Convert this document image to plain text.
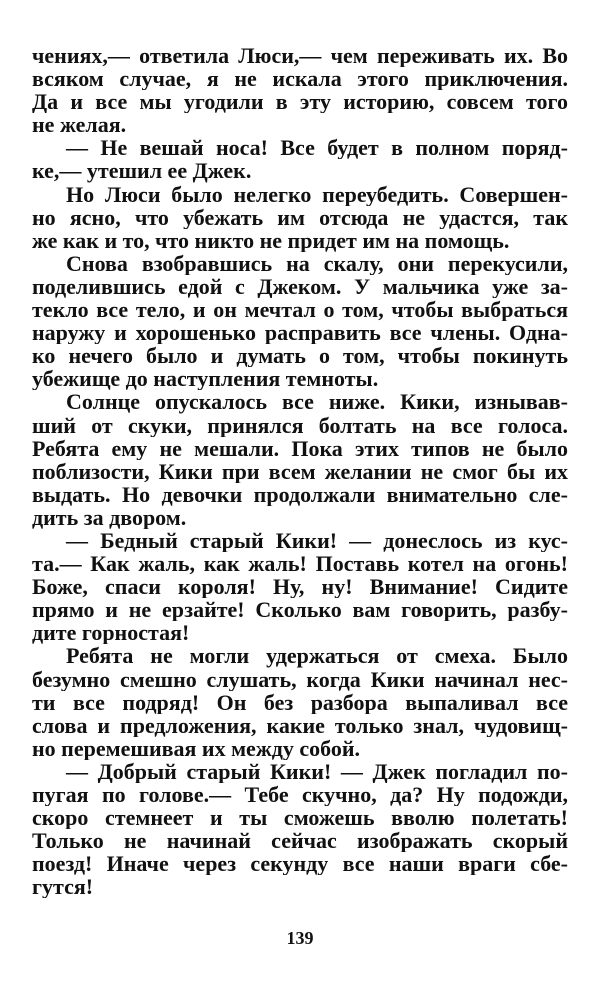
чениях,— ответила Люси,— чем переживать их. Во
всяком случае, я не искала этого приключения.
Да и все мы угодили в эту историю, совсем того
не желая.

— Не вешай носа! Все будет в полном поряд-
ке,— утешил ее Джек.

Но Люси было нелегко переубедить. Совершен-
но ясно, что убежать им отсюда не удастся, так
же как и то, что никто не придет им на помощь.

Снова взобравшись на скалу, они перекусили,
поделившись едой с Джеком. У мальчика уже за-
текло все тело, и он мечтал о том, чтобы выбраться
наружу и хорошенько расправить все члены. Одна-
ко нечего было и думать о том, чтобы покинуть
убежище до наступления темноты.

Солнце опускалось все ниже. Кики, изнывав-
ший от скуки, принялся болтать на все голоса.
Ребята ему не мешали. Пока этих типов не было
поблизости, Кики при всем желании не смог бы их
выдать. Но девочки продолжали внимательно сле-
дить за двором.

— Бедный старый Кики! — донеслось из кус-
та.— Как жаль, как жаль! Поставь котел на огонь!
Боже, спаси короля! Ну, ну! Внимание! Сидите
прямо и не ерзайте! Сколько вам говорить, разбу-
дите горностая!

Ребята не могли удержаться от смеха. Было
безумно смешно слушать, когда Кики начинал нес-
ти все подряд! Он без разбора выпаливал все
слова и предложения, какие только знал, чудовищ-
но перемешивая их между собой.

— Добрый старый Кики! — Джек погладил по-
пугая по голове.— Тебе скучно, да? Ну подожди,
скоро стемнеет и ты сможешь вволю полетать!
Только не начинай сейчас изображать скорый
поезд! Иначе через секунду все наши враги сбе-
гутся!

139
